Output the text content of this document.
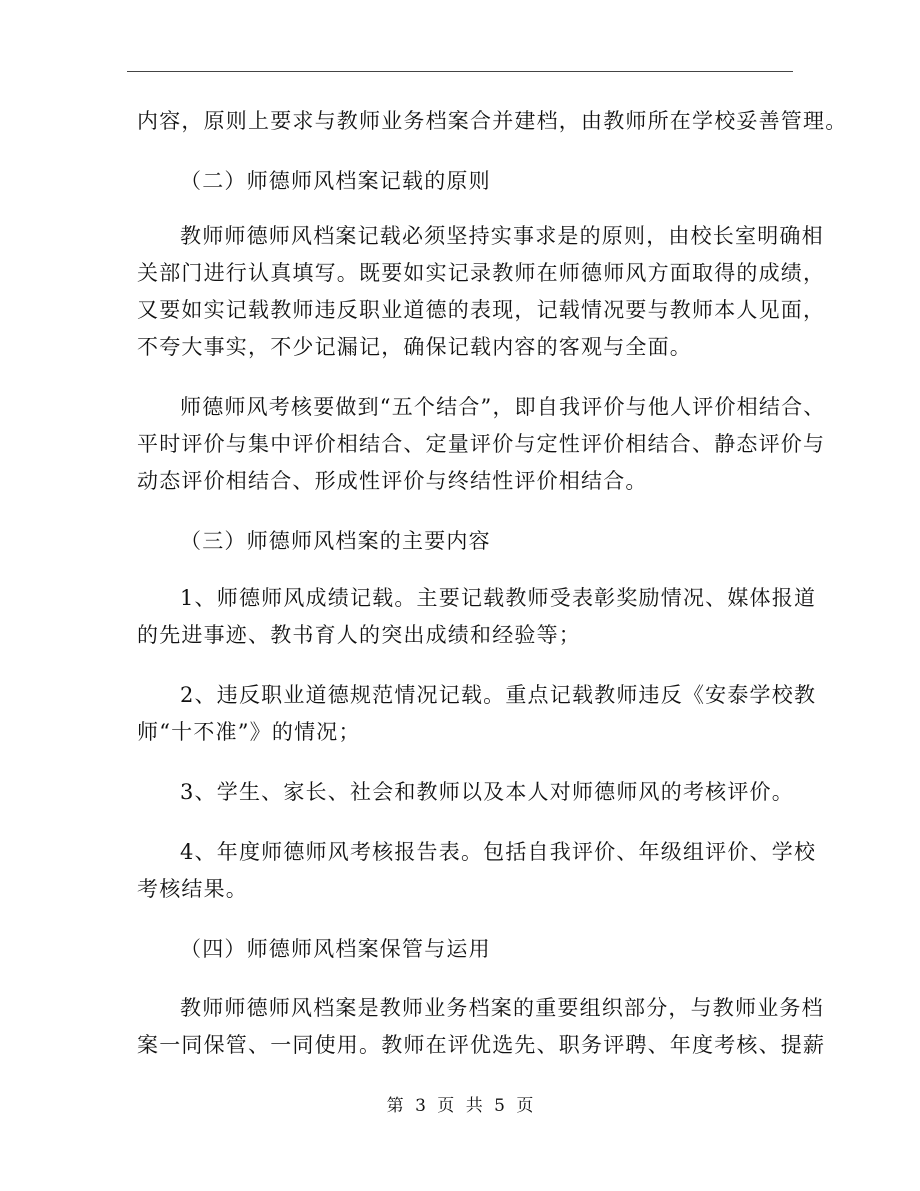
内容，原则上要求与教师业务档案合并建档，由教师所在学校妥善管理。
（二）师德师风档案记载的原则
教师师德师风档案记载必须坚持实事求是的原则，由校长室明确相
关部门进行认真填写。既要如实记录教师在师德师风方面取得的成绩，
又要如实记载教师违反职业道德的表现，记载情况要与教师本人见面，
不夸大事实，不少记漏记，确保记载内容的客观与全面。
师德师风考核要做到“五个结合”，即自我评价与他人评价相结合、
平时评价与集中评价相结合、定量评价与定性评价相结合、静态评价与
动态评价相结合、形成性评价与终结性评价相结合。
（三）师德师风档案的主要内容
1、师德师风成绩记载。主要记载教师受表彰奖励情况、媒体报道
的先进事迹、教书育人的突出成绩和经验等；
2、违反职业道德规范情况记载。重点记载教师违反《安泰学校教
师“十不准”》的情况；
3、学生、家长、社会和教师以及本人对师德师风的考核评价。
4、年度师德师风考核报告表。包括自我评价、年级组评价、学校
考核结果。
（四）师德师风档案保管与运用
教师师德师风档案是教师业务档案的重要组织部分，与教师业务档
案一同保管、一同使用。教师在评优选先、职务评聘、年度考核、提薪
第 3 页 共 5 页
